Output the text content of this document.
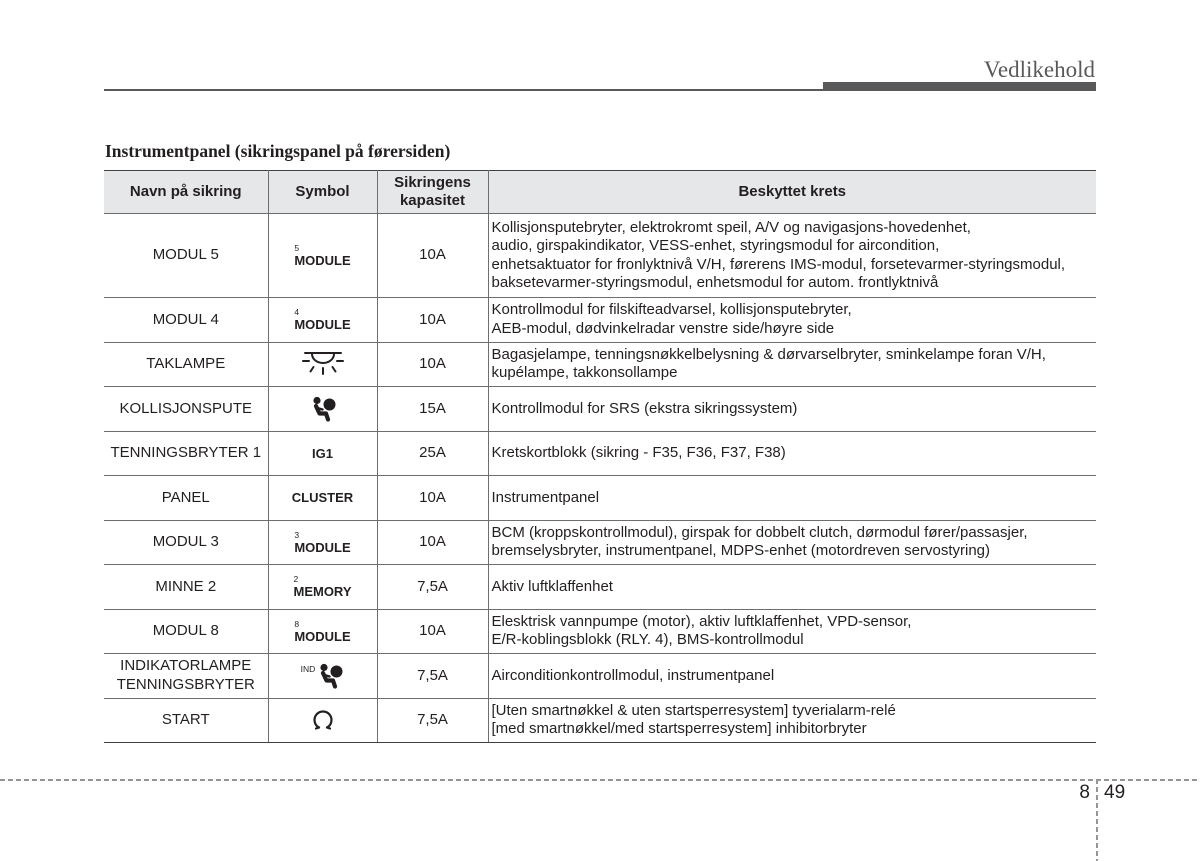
Vedlikehold
Instrumentpanel (sikringspanel på førersiden)
Navn på sikring	Symbol	Sikringens
kapasitet	Beskyttet krets

MODUL 5	5
MODULE	10A	Kollisjonsputebryter, elektrokromt speil, A/V og navigasjons-hovedenhet,
audio, girspakindikator, VESS-enhet, styringsmodul for aircondition,
enhetsaktuator for fronlyktnivå V/H, førerens IMS-modul, forsetevarmer-styringsmodul,
baksetevarmer-styringsmodul, enhetsmodul for autom. frontlyktnivå

MODUL 4	4
MODULE	10A	Kontrollmodul for filskifteadvarsel, kollisjonsputebryter,
AEB-modul, dødvinkelradar venstre side/høyre side

TAKLAMPE		10A	Bagasjelampe, tenningsnøkkelbelysning & dørvarselbryter, sminkelampe foran V/H,
kupélampe, takkonsollampe

KOLLISJONSPUTE		15A	Kontrollmodul for SRS (ekstra sikringssystem)

TENNINGSBRYTER 1	IG1	25A	Kretskortblokk (sikring - F35, F36, F37, F38)

PANEL	CLUSTER	10A	Instrumentpanel

MODUL 3	3
MODULE	10A	BCM (kroppskontrollmodul), girspak for dobbelt clutch, dørmodul fører/passasjer,
bremselysbryter, instrumentpanel, MDPS-enhet (motordreven servostyring)

MINNE 2	2
MEMORY	7,5A	Aktiv luftklaffenhet

MODUL 8	8
MODULE	10A	Elesktrisk vannpumpe (motor), aktiv luftklaffenhet, VPD-sensor,
E/R-koblingsblokk (RLY. 4), BMS-kontrollmodul

INDIKATORLAMPE
TENNINGSBRYTER	IND	7,5A	Airconditionkontrollmodul, instrumentpanel

START		7,5A	[Uten smartnøkkel & uten startsperresystem] tyverialarm-relé
[med smartnøkkel/med startsperresystem] inhibitorbryter
8 49
